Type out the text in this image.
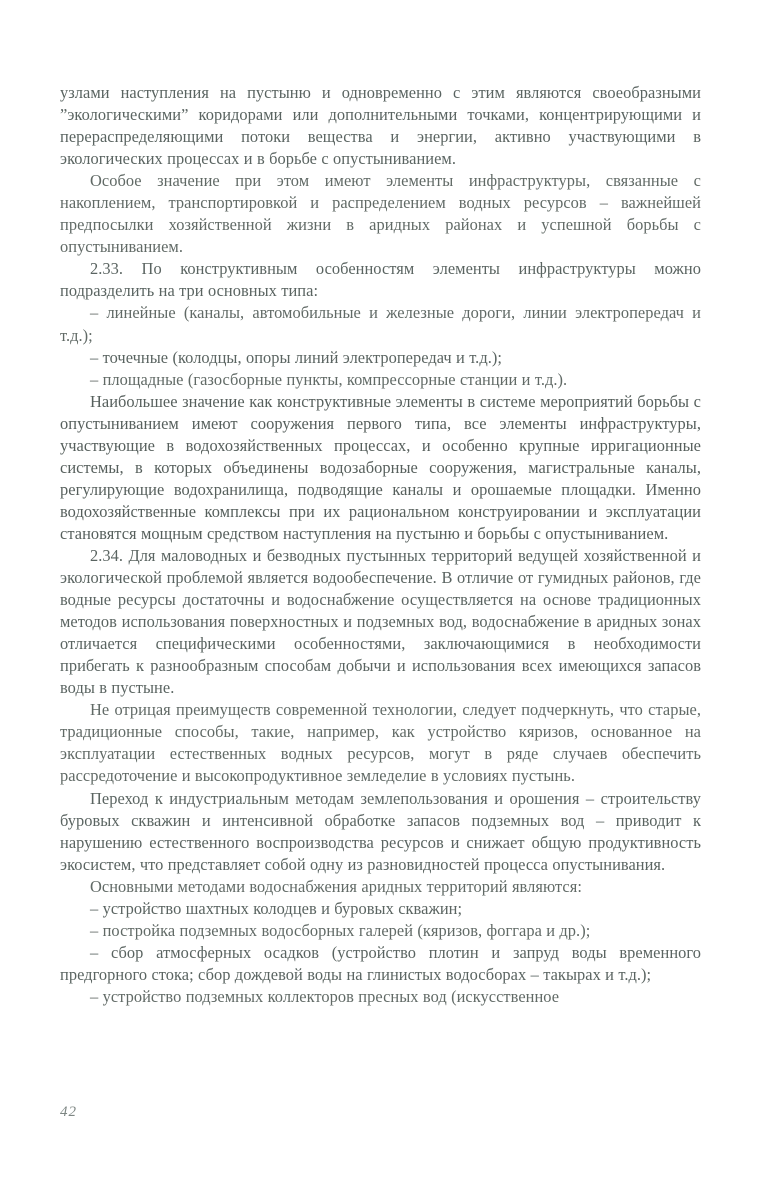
узлами наступления на пустыню и одновременно с этим являются своеобразными ”экологическими” коридорами или дополнительными точками, концентрирующими и перераспределяющими потоки вещества и энергии, активно участвующими в экологических процессах и в борьбе с опустыниванием.

Особое значение при этом имеют элементы инфраструктуры, связанные с накоплением, транспортировкой и распределением водных ресурсов – важнейшей предпосылки хозяйственной жизни в аридных районах и успешной борьбы с опустыниванием.

2.33. По конструктивным особенностям элементы инфраструктуры можно подразделить на три основных типа:

– линейные (каналы, автомобильные и железные дороги, линии электропередач и т.д.);

– точечные (колодцы, опоры линий электропередач и т.д.);

– площадные (газосборные пункты, компрессорные станции и т.д.).

Наибольшее значение как конструктивные элементы в системе мероприятий борьбы с опустыниванием имеют сооружения первого типа, все элементы инфраструктуры, участвующие в водохозяйственных процессах, и особенно крупные ирригационные системы, в которых объединены водозаборные сооружения, магистральные каналы, регулирующие водохранилища, подводящие каналы и орошаемые площадки. Именно водохозяйственные комплексы при их рациональном конструировании и эксплуатации становятся мощным средством наступления на пустыню и борьбы с опустыниванием.

2.34. Для маловодных и безводных пустынных территорий ведущей хозяйственной и экологической проблемой является водообеспечение. В отличие от гумидных районов, где водные ресурсы достаточны и водоснабжение осуществляется на основе традиционных методов использования поверхностных и подземных вод, водоснабжение в аридных зонах отличается специфическими особенностями, заключающимися в необходимости прибегать к разнообразным способам добычи и использования всех имеющихся запасов воды в пустыне.

Не отрицая преимуществ современной технологии, следует подчеркнуть, что старые, традиционные способы, такие, например, как устройство кяризов, основанное на эксплуатации естественных водных ресурсов, могут в ряде случаев обеспечить рассредоточение и высокопродуктивное земледелие в условиях пустынь.

Переход к индустриальным методам землепользования и орошения – строительству буровых скважин и интенсивной обработке запасов подземных вод – приводит к нарушению естественного воспроизводства ресурсов и снижает общую продуктивность экосистем, что представляет собой одну из разновидностей процесса опустынивания.

Основными методами водоснабжения аридных территорий являются:

– устройство шахтных колодцев и буровых скважин;

– постройка подземных водосборных галерей (кяризов, фоггара и др.);

– сбор атмосферных осадков (устройство плотин и запруд воды временного предгорного стока; сбор дождевой воды на глинистых водосборах – такырах и т.д.);

– устройство подземных коллекторов пресных вод (искусственное

42
